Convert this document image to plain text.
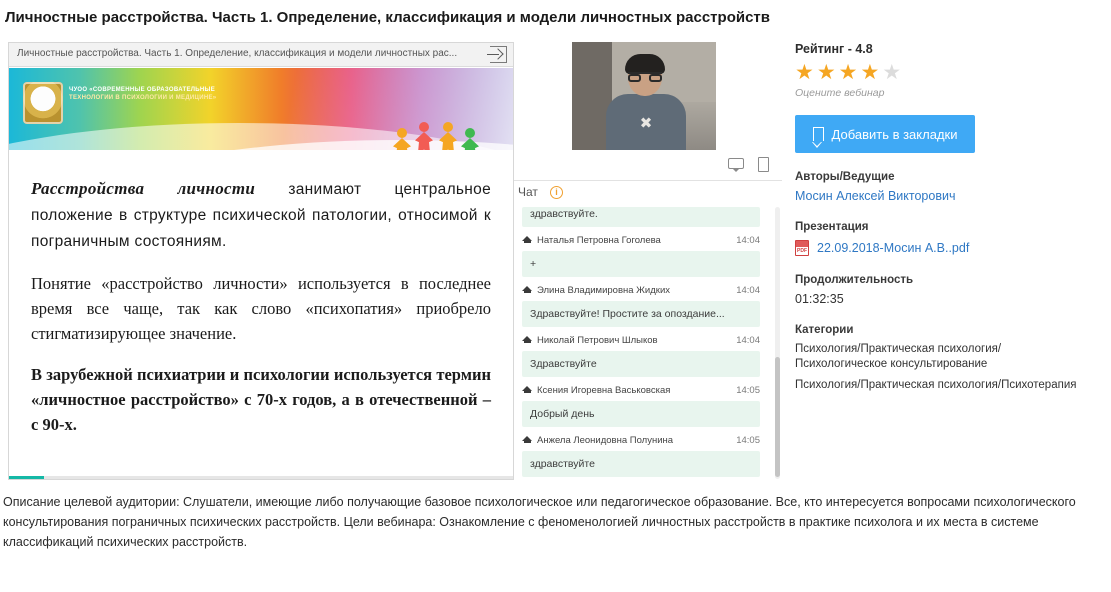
Личностные расстройства. Часть 1. Определение, классификация и модели личностных расстройств
Личностные расстройства. Часть 1. Определение, классификация и модели личностных рас...
ЧУОО «СОВРЕМЕННЫЕ ОБРАЗОВАТЕЛЬНЫЕ
ТЕХНОЛОГИИ В ПСИХОЛОГИИ И МЕДИЦИНЕ»

Расстройства личности занимают центральное положение в структуре психической патологии, относимой к пограничным состояниям.

Понятие «расстройство личности» используется в последнее время все чаще, так как слово «психопатия» приобрело стигматизирующее значение.

В зарубежной психиатрии и психологии используется термин «личностное расстройство» с 70-х годов, а в отечественной – с 90-х.

✖
Чат	i
здравствуйте.
Наталья Петровна Гоголева	14:04
+
Элина Владимировна Жидких	14:04
Здравствуйте! Простите за опоздание...
Николай Петрович Шлыков	14:04
Здравствуйте
Ксения Игоревна Васьковская	14:05
Добрый день
Анжела Леонидовна Полунина	14:05
здравствуйте
Рейтинг - 4.8
★★★★★
Оцените вебинар
Добавить в закладки
Авторы/Ведущие
Мосин Алексей Викторович
Презентация
PDF 22.09.2018-Мосин А.В..pdf
Продолжительность
01:32:35
Категории
Психология/Практическая психология/Психологическое консультирование
Психология/Практическая психология/Психотерапия
Описание целевой аудитории: Слушатели, имеющие либо получающие базовое психологическое или педагогическое образование. Все, кто интересуется вопросами психологического консультирования пограничных психических расстройств. Цели вебинара: Ознакомление с феноменологией личностных расстройств в практике психолога и их места в системе классификаций психических расстройств.
